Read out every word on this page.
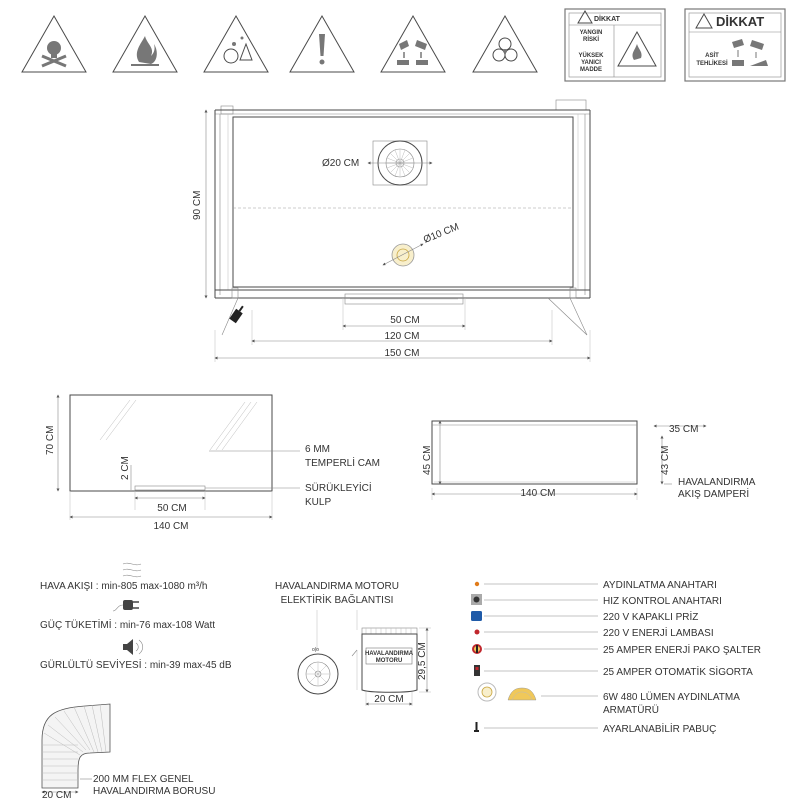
DİKKAT
YANGIN
RİSKİ
YÜKSEK
YANICI
MADDE
DİKKAT
ASİT
TEHLİKESİ
Ø20 CM
Ø10 CM
90 CM
50 CM
120 CM
150 CM
70 CM
2 CM
50 CM
140 CM
6 MM
TEMPERLİ CAM
SÜRÜKLEYİCİ
KULP
45 CM
140 CM
35 CM
43 CM
HAVALANDIRMA
AKIŞ DAMPERİ
HAVA AKIŞI : min-805 max-1080 m³/h
GÜÇ TÜKETİMİ : min-76 max-108 Watt
GÜRLÜLTÜ SEVİYESİ : min-39 max-45 dB
20 CM
200 MM FLEX GENEL
HAVALANDIRMA BORUSU
HAVALANDIRMA MOTORU
ELEKTİRİK BAĞLANTISI
o|o
HAVALANDIRMA
MOTORU
20 CM
29,5 CM
AYDINLATMA ANAHTARI
HIZ KONTROL ANAHTARI
220 V KAPAKLI PRİZ
220 V ENERJİ LAMBASI
25 AMPER ENERJİ PAKO ŞALTER
25 AMPER OTOMATİK SİGORTA
6W 480 LÜMEN AYDINLATMA
ARMATÜRÜ
AYARLANABİLİR PABUÇ
